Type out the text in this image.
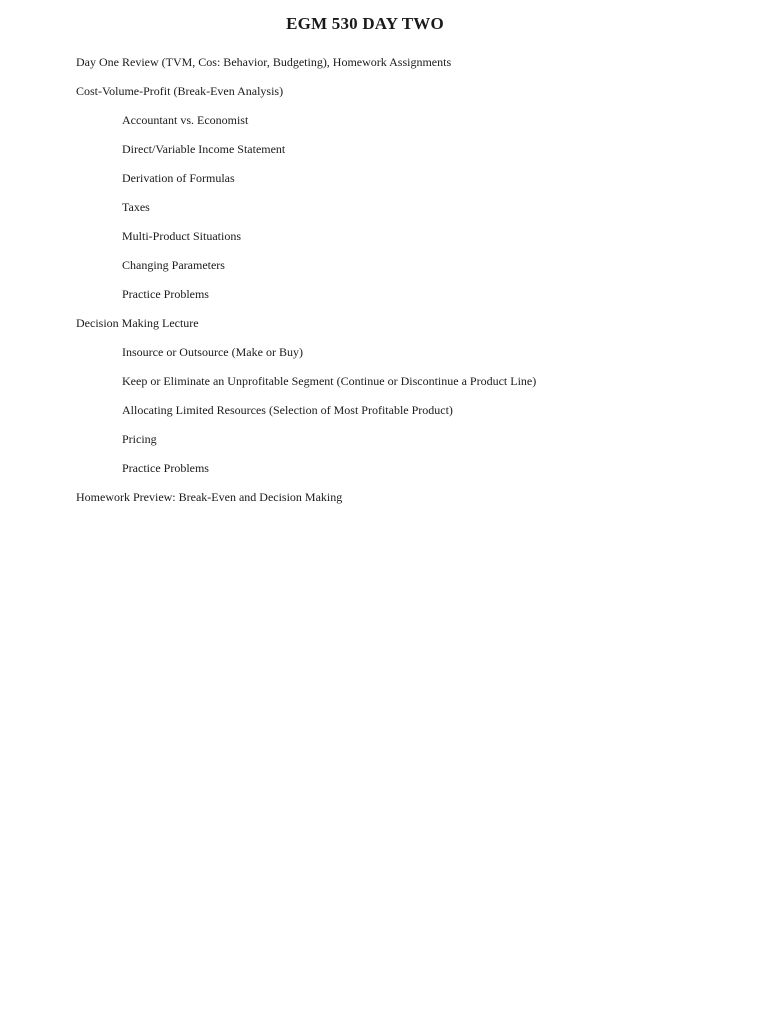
EGM 530 DAY TWO
Day One Review (TVM, Cos: Behavior, Budgeting), Homework Assignments
Cost-Volume-Profit (Break-Even Analysis)
Accountant vs. Economist
Direct/Variable Income Statement
Derivation of Formulas
Taxes
Multi-Product Situations
Changing Parameters
Practice Problems
Decision Making Lecture
Insource or Outsource (Make or Buy)
Keep or Eliminate an Unprofitable Segment (Continue or Discontinue a Product Line)
Allocating Limited Resources (Selection of Most Profitable Product)
Pricing
Practice Problems
Homework Preview: Break-Even and Decision Making
